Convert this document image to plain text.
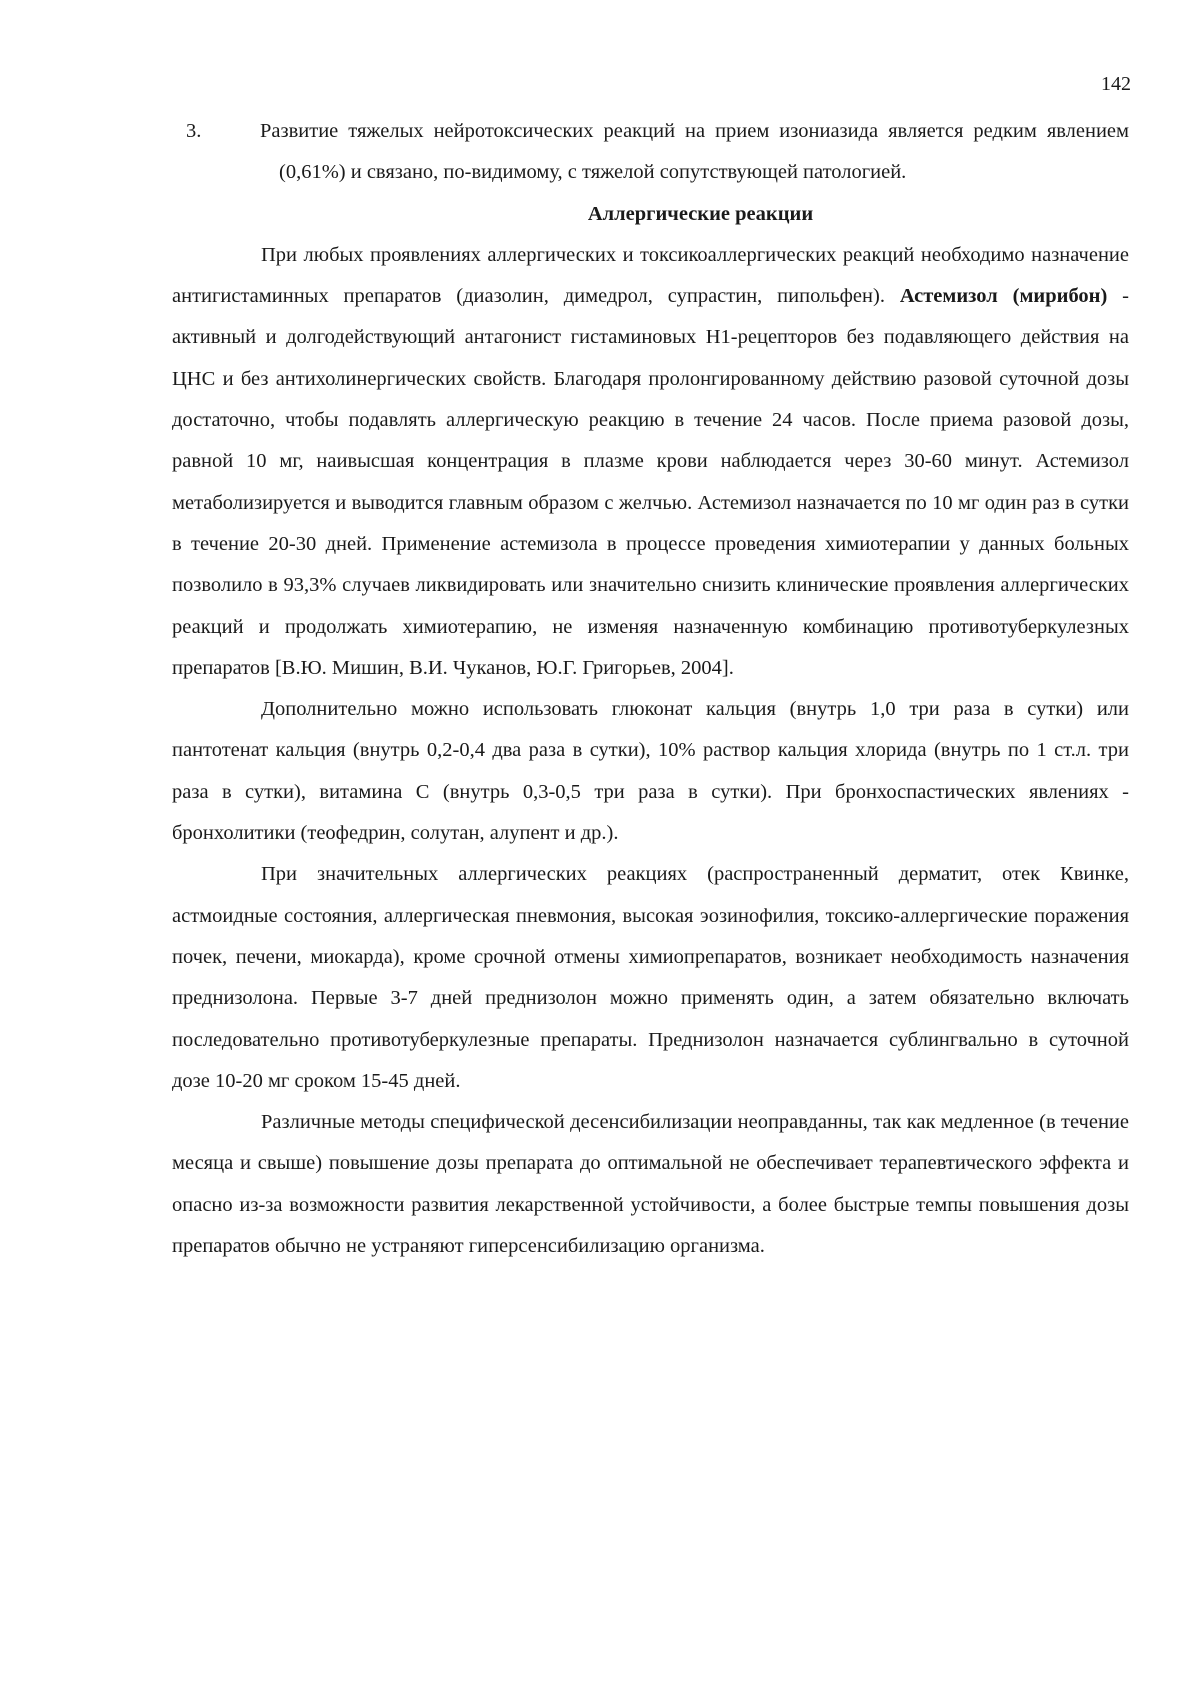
142

3.	Развитие тяжелых нейротоксических реакций на прием изониазида является редким явлением (0,61%) и связано, по-видимому, с тяжелой сопутствующей патологией.

Аллергические реакции

При любых проявлениях аллергических и токсикоаллергических реакций необходимо назначение антигистаминных препаратов (диазолин, димедрол, супрастин, пипольфен). Астемизол (мирибон) - активный и долгодействующий антагонист гистаминовых Н1-рецепторов без подавляющего действия на ЦНС и без антихолинергических свойств. Благодаря пролонгированному действию разовой суточной дозы достаточно, чтобы подавлять аллергическую реакцию в течение 24 часов. После приема разовой дозы, равной 10 мг, наивысшая концентрация в плазме крови наблюдается через 30-60 минут. Астемизол метаболизируется и выводится главным образом с желчью. Астемизол назначается по 10 мг один раз в сутки в течение 20-30 дней. Применение астемизола в процессе проведения химиотерапии у данных больных позволило в 93,3% случаев ликвидировать или значительно снизить клинические проявления аллергических реакций и продолжать химиотерапию, не изменяя назначенную комбинацию противотуберкулезных препаратов [В.Ю. Мишин, В.И. Чуканов, Ю.Г. Григорьев, 2004].

Дополнительно можно использовать глюконат кальция (внутрь 1,0 три раза в сутки) или пантотенат кальция (внутрь 0,2-0,4 два раза в сутки), 10% раствор кальция хлорида (внутрь по 1 ст.л. три раза в сутки), витамина С (внутрь 0,3-0,5 три раза в сутки). При бронхоспастических явлениях - бронхолитики (теофедрин, солутан, алупент и др.).

При значительных аллергических реакциях (распространенный дерматит, отек Квинке, астмоидные состояния, аллергическая пневмония, высокая эозинофилия, токсико-аллергические поражения почек, печени, миокарда), кроме срочной отмены химиопрепаратов, возникает необходимость назначения преднизолона. Первые 3-7 дней преднизолон можно применять один, а затем обязательно включать последовательно противотуберкулезные препараты. Преднизолон назначается сублингвально в суточной дозе 10-20 мг сроком 15-45 дней.

Различные методы специфической десенсибилизации неоправданны, так как медленное (в течение месяца и свыше) повышение дозы препарата до оптимальной не обеспечивает терапевтического эффекта и опасно из-за возможности развития лекарственной устойчивости, а более быстрые темпы повышения дозы препаратов обычно не устраняют гиперсенсибилизацию организма.
